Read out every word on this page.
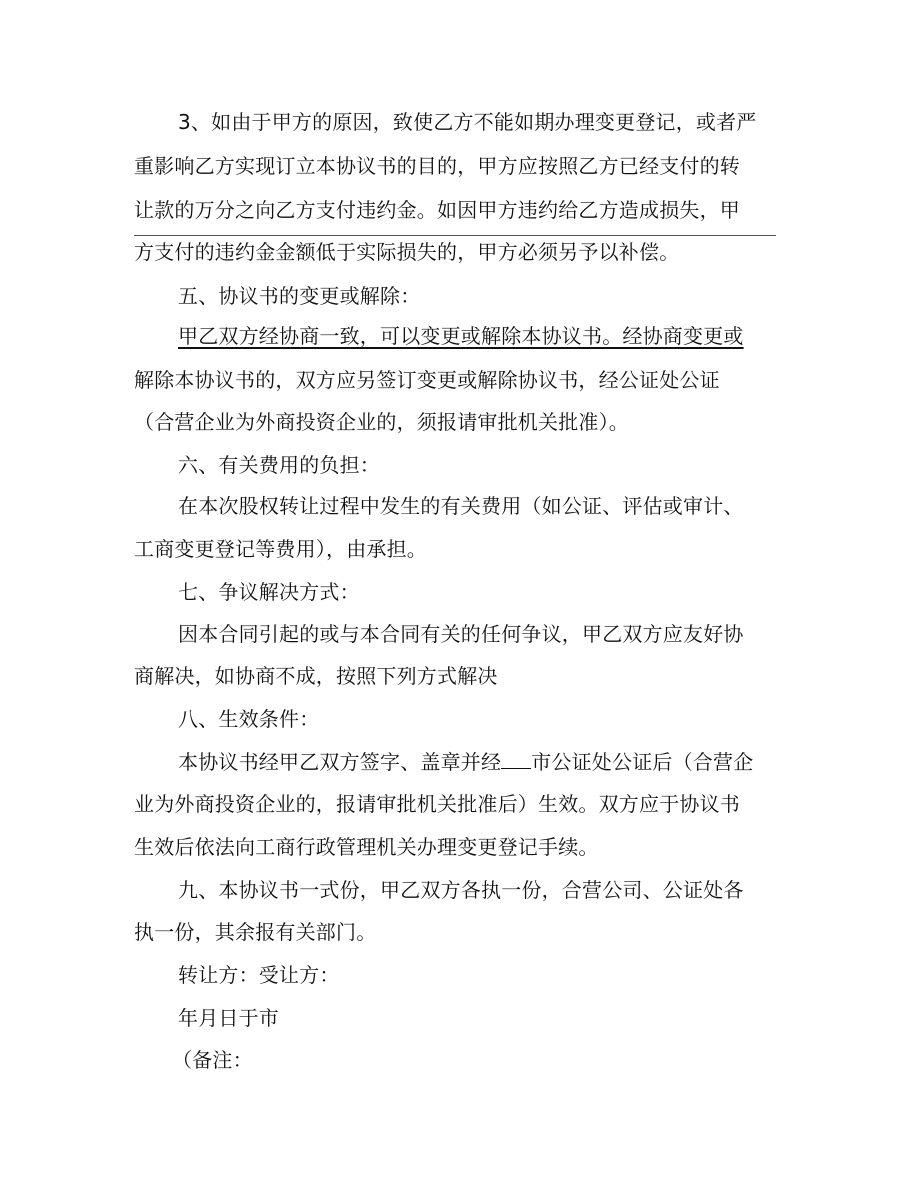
3、如由于甲方的原因，致使乙方不能如期办理变更登记，或者严
重影响乙方实现订立本协议书的目的，甲方应按照乙方已经支付的转
让款的万分之向乙方支付违约金。如因甲方违约给乙方造成损失，甲
方支付的违约金金额低于实际损失的，甲方必须另予以补偿。
五、协议书的变更或解除：
甲乙双方经协商一致，可以变更或解除本协议书。经协商变更或
解除本协议书的，双方应另签订变更或解除协议书，经公证处公证
（合营企业为外商投资企业的，须报请审批机关批准）。
六、有关费用的负担：
在本次股权转让过程中发生的有关费用（如公证、评估或审计、
工商变更登记等费用），由承担。
七、争议解决方式：
因本合同引起的或与本合同有关的任何争议，甲乙双方应友好协
商解决，如协商不成，按照下列方式解决
八、生效条件：
本协议书经甲乙双方签字、盖章并经 市公证处公证后（合营企
业为外商投资企业的，报请审批机关批准后）生效。双方应于协议书
生效后依法向工商行政管理机关办理变更登记手续。
九、本协议书一式份，甲乙双方各执一份，合营公司、公证处各
执一份，其余报有关部门。
转让方：受让方：
年月日于市
（备注：
